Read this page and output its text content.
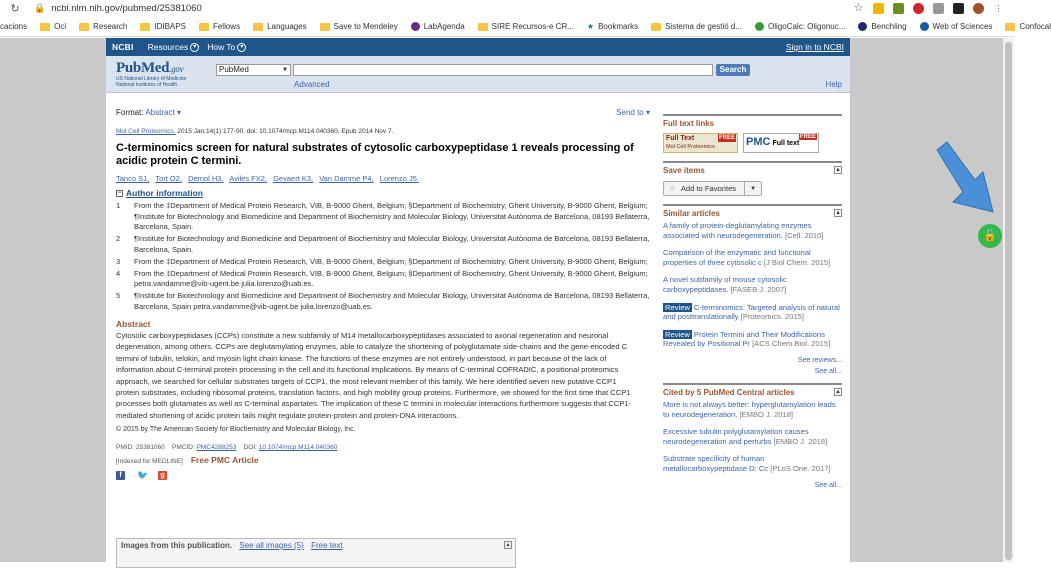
↻ 🔒 ncbi.nlm.nih.gov/pubmed/25381060	☆	⋮
cacions	Oci	Research	IDIBAPS	Fellows	Languages	Save to Mendeley	LabAgenda	SIRE Recursos-e CR... ★ Bookmarks	Sistema de gestió d...	OligoCalc: Oligonuc...	Benchling	Web of Sciences	Confocal
NCBI Resources ▾	How To ▾	Sign in to NCBI
PubMed.gov
US National Library of Medicine
National Institutes of Health
PubMed	▼	Search
Advanced	Help
Format: Abstract ▾	Send to ▾
Mol Cell Proteomics. 2015 Jan;14(1):177-90. doi: 10.1074/mcp.M114.040360. Epub 2014 Nov 7.
C-terminomics screen for natural substrates of cytosolic carboxypeptidase 1 reveals processing of acidic protein C termini.
Tanco S1, Tort O2, Demol H3, Aviles FX2, Gevaert K3, Van Damme P4, Lorenzo J5.
− Author information
1	From the ‡Department of Medical Protein Research, VIB, B-9000 Ghent, Belgium; §Department of Biochemistry, Ghent University, B-9000 Ghent, Belgium; ¶Institute for Biotechnology and Biomedicine and Department of Biochemistry and Molecular Biology, Universitat Autònoma de Barcelona, 08193 Bellaterra, Barcelona, Spain.
2	¶Institute for Biotechnology and Biomedicine and Department of Biochemistry and Molecular Biology, Universitat Autònoma de Barcelona, 08193 Bellaterra, Barcelona, Spain.
3	From the ‡Department of Medical Protein Research, VIB, B-9000 Ghent, Belgium; §Department of Biochemistry, Ghent University, B-9000 Ghent, Belgium;
4	From the ‡Department of Medical Protein Research, VIB, B-9000 Ghent, Belgium; §Department of Biochemistry, Ghent University, B-9000 Ghent, Belgium; petra.vandamme@vib-ugent.be julia.lorenzo@uab.es.
5	¶Institute for Biotechnology and Biomedicine and Department of Biochemistry and Molecular Biology, Universitat Autònoma de Barcelona, 08193 Bellaterra, Barcelona, Spain petra.vandamme@vib-ugent.be julia.lorenzo@uab.es.
Abstract
Cytosolic carboxypeptidases (CCPs) constitute a new subfamily of M14 metallocarboxypeptidases associated to axonal regeneration and neuronal degeneration, among others. CCPs are deglutamylating enzymes, able to catalyze the shortening of polyglutamate side-chains and the gene-encoded C termini of tubulin, telokin, and myosin light chain kinase. The functions of these enzymes are not entirely understood, in part because of the lack of information about C-terminal protein processing in the cell and its functional implications. By means of C-terminal COFRADIC, a positional proteomics approach, we searched for cellular substrates targets of CCP1, the most relevant member of this family. We here identified seven new putative CCP1 protein substrates, including ribosomal proteins, translation factors, and high mobility group proteins. Furthermore, we showed for the first time that CCP1 processes both glutamates as well as C-terminal aspartates. The implication of these C termini in molecular interactions furthermore suggests that CCP1-mediated shortening of acidic protein tails might regulate protein-protein and protein-DNA interactions.
© 2015 by The American Society for Biochemistry and Molecular Biology, Inc.
PMID: 25381060 PMCID: PMC4288253 DOI: 10.1074/mcp.M114.040360
[Indexed for MEDLINE] Free PMC Article
f	🐦	g
Images from this publication. See all images (5) Free text	▴
Full text links
Full Text
Mol Cell Proteomics
FREE PMC Full text
FREE
Save items	▴
☆ Add to Favorites	▼
Similar articles	▴
A family of protein-deglutamylating enzymes associated with neurodegeneration. [Cell. 2010]
Comparison of the enzymatic and functional properties of three cytosolic c [J Biol Chem. 2015]
A novel subfamily of mouse cytosolic carboxypeptidases. [FASEB J. 2007]
Review C-terminomics: Targeted analysis of natural and posttranslationally [Proteomics. 2015]
Review Protein Termini and Their Modifications Revealed by Positional Pr [ACS Chem Biol. 2015]
See reviews...
See all...
Cited by 5 PubMed Central articles	▴
More is not always better: hyperglutamylation leads to neurodegeneration. [EMBO J. 2018]
Excessive tubulin polyglutamylation causes neurodegeneration and perturbs [EMBO J. 2018]
Substrate specificity of human metallocarboxypeptidase D: Cc [PLoS One. 2017]
See all...
🔓
